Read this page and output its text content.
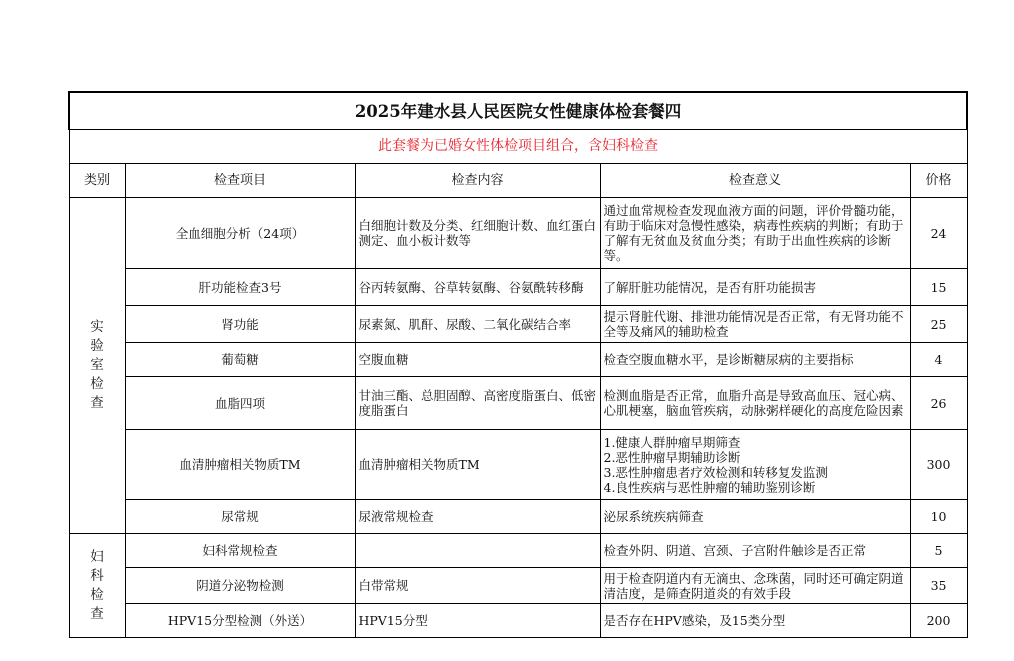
2025年建水县人民医院女性健康体检套餐四				
此套餐为已婚女性体检项目组合，含妇科检查				
类别	检查项目	检查内容	检查意义	价格

实
验
室
检
查	全血细胞分析（24项）	白细胞计数及分类、红细胞计数、血红蛋白测定、血小板计数等	通过血常规检查发现血液方面的问题，评价骨髓功能，有助于临床对急慢性感染，病毒性疾病的判断；有助于了解有无贫血及贫血分类；有助于出血性疾病的诊断等。	24
	肝功能检查3号	谷丙转氨酶、谷草转氨酶、谷氨酰转移酶	了解肝脏功能情况，是否有肝功能损害	15
	肾功能	尿素氮、肌酐、尿酸、二氧化碳结合率	提示肾脏代谢、排泄功能情况是否正常，有无肾功能不全等及痛风的辅助检查	25
	葡萄糖	空腹血糖	检查空腹血糖水平，是诊断糖尿病的主要指标	4
	血脂四项	甘油三酯、总胆固醇、高密度脂蛋白、低密度脂蛋白	检测血脂是否正常，血脂升高是导致高血压、冠心病、心肌梗塞，脑血管疾病，动脉粥样硬化的高度危险因素	26
	血清肿瘤相关物质TM	血清肿瘤相关物质TM	1.健康人群肿瘤早期筛查
2.恶性肿瘤早期辅助诊断
3.恶性肿瘤患者疗效检测和转移复发监测
4.良性疾病与恶性肿瘤的辅助鉴别诊断	300
	尿常规	尿液常规检查	泌尿系统疾病筛查	10

妇
科
检
查	妇科常规检查		检查外阴、阴道、宫颈、子宫附件触诊是否正常	5
	阴道分泌物检测	白带常规	用于检查阴道内有无滴虫、念珠菌，同时还可确定阴道清洁度，是筛查阴道炎的有效手段	35
	HPV15分型检测（外送）	HPV15分型	是否存在HPV感染，及15类分型	200
